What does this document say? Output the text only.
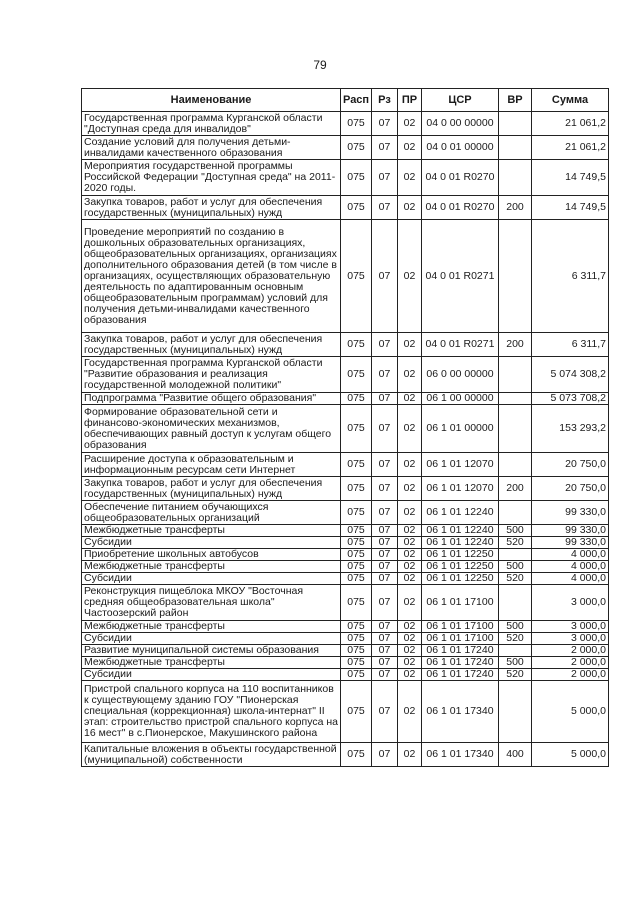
79
Наименование	Расп	Рз	ПР	ЦСР	ВР	Сумма
Государственная программа Курганской области "Доступная среда для инвалидов"	075	07	02	04 0 00 00000		21 061,2
Создание условий для получения детьми-инвалидами качественного образования	075	07	02	04 0 01 00000		21 061,2
Мероприятия государственной программы Российской Федерации "Доступная среда" на 2011-2020 годы.	075	07	02	04 0 01 R0270		14 749,5
Закупка товаров, работ и услуг для обеспечения государственных (муниципальных) нужд	075	07	02	04 0 01 R0270	200	14 749,5
Проведение мероприятий по созданию в дошкольных образовательных организациях, общеобразовательных организациях, организациях дополнительного образования детей (в том числе в организациях, осуществляющих образовательную деятельность по адаптированным основным общеобразовательным программам) условий для получения детьми-инвалидами качественного образования	075	07	02	04 0 01 R0271		6 311,7
Закупка товаров, работ и услуг для обеспечения государственных (муниципальных) нужд	075	07	02	04 0 01 R0271	200	6 311,7
Государственная программа Курганской области "Развитие образования и реализация государственной молодежной политики"	075	07	02	06 0 00 00000		5 074 308,2
Подпрограмма "Развитие общего образования"	075	07	02	06 1 00 00000		5 073 708,2
Формирование образовательной сети и финансово-экономических механизмов, обеспечивающих равный доступ к услугам общего образования	075	07	02	06 1 01 00000		153 293,2
Расширение доступа к образовательным и информационным ресурсам сети Интернет	075	07	02	06 1 01 12070		20 750,0
Закупка товаров, работ и услуг для обеспечения государственных (муниципальных) нужд	075	07	02	06 1 01 12070	200	20 750,0
Обеспечение питанием обучающихся общеобразовательных организаций	075	07	02	06 1 01 12240		99 330,0
Межбюджетные трансферты	075	07	02	06 1 01 12240	500	99 330,0
Субсидии	075	07	02	06 1 01 12240	520	99 330,0
Приобретение школьных автобусов	075	07	02	06 1 01 12250		4 000,0
Межбюджетные трансферты	075	07	02	06 1 01 12250	500	4 000,0
Субсидии	075	07	02	06 1 01 12250	520	4 000,0
Реконструкция пищеблока МКОУ "Восточная средняя общеобразовательная школа" Частоозерский район	075	07	02	06 1 01 17100		3 000,0
Межбюджетные трансферты	075	07	02	06 1 01 17100	500	3 000,0
Субсидии	075	07	02	06 1 01 17100	520	3 000,0
Развитие муниципальной системы образования	075	07	02	06 1 01 17240		2 000,0
Межбюджетные трансферты	075	07	02	06 1 01 17240	500	2 000,0
Субсидии	075	07	02	06 1 01 17240	520	2 000,0
Пристрой спального корпуса на 110 воспитанников к существующему зданию ГОУ "Пионерская специальная (коррекционная) школа-интернат" II этап: строительство пристрой спального корпуса на 16 мест" в с.Пионерское, Макушинского района	075	07	02	06 1 01 17340		5 000,0
Капитальные вложения в объекты государственной (муниципальной) собственности	075	07	02	06 1 01 17340	400	5 000,0
